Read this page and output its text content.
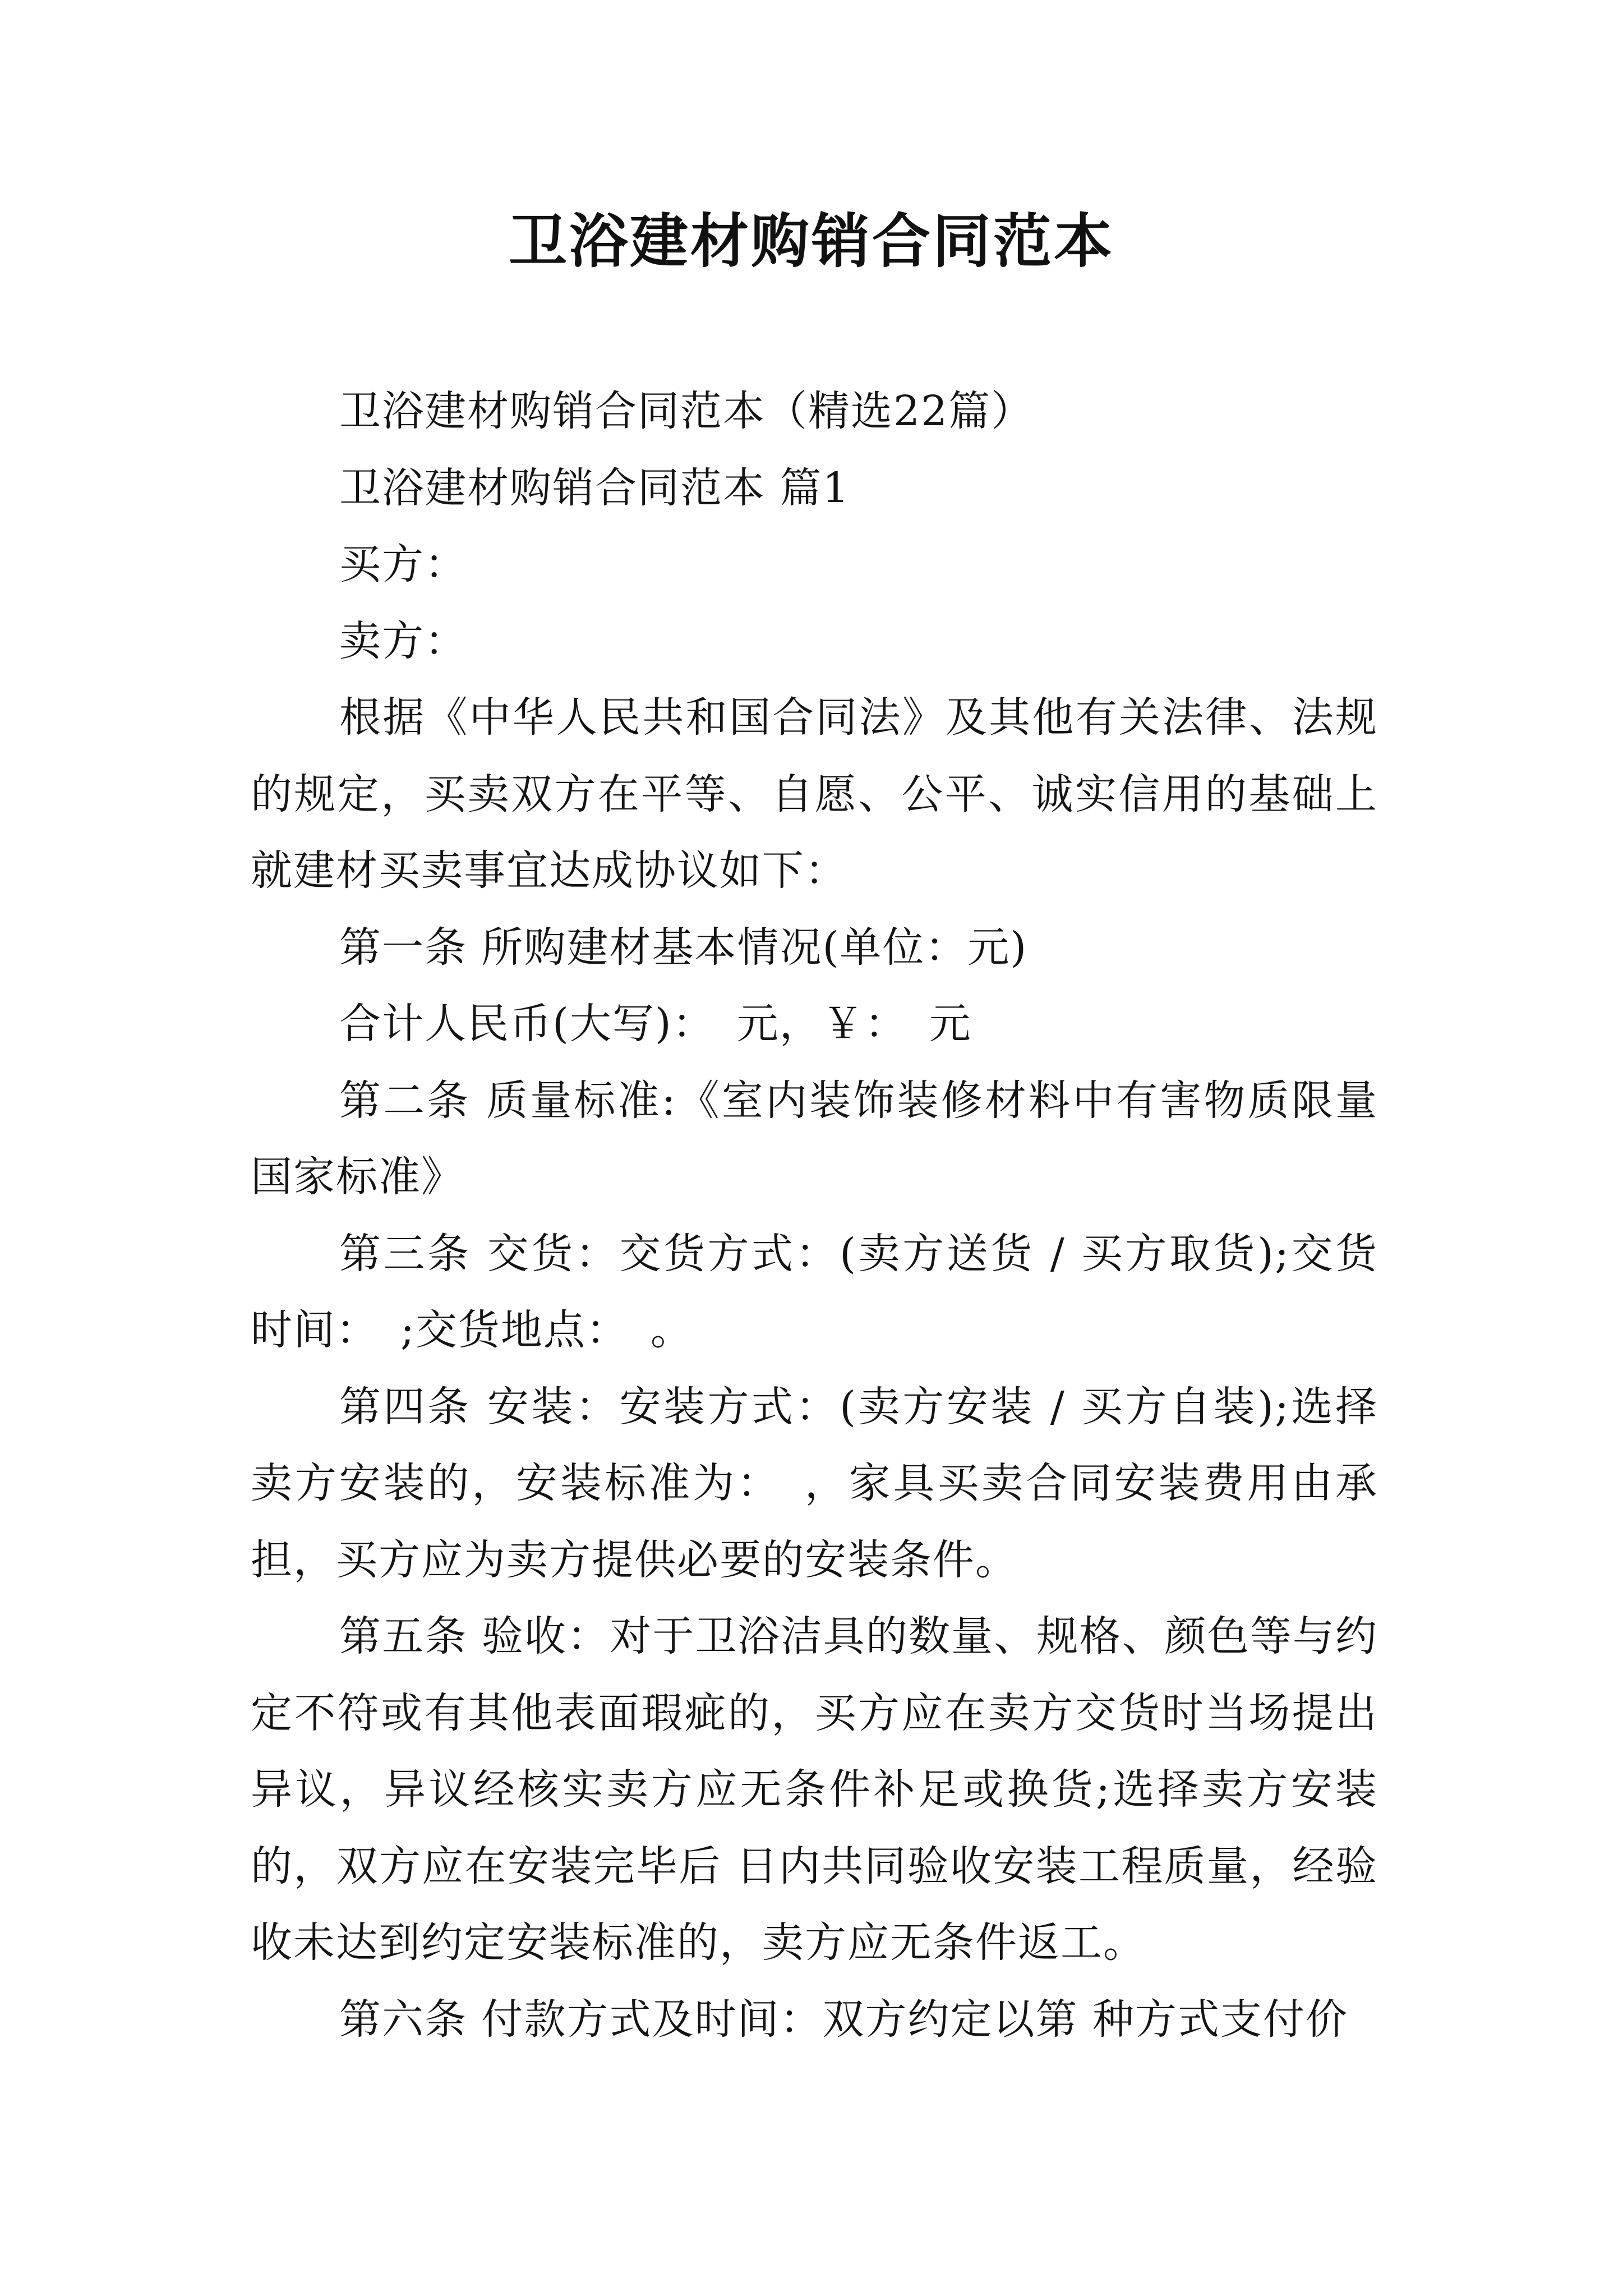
卫浴建材购销合同范本

卫浴建材购销合同范本（精选22篇）

卫浴建材购销合同范本 篇1

买方：

卖方：

根据《中华人民共和国合同法》及其他有关法律、法规的规定，买卖双方在平等、自愿、公平、诚实信用的基础上就建材买卖事宜达成协议如下：

第一条 所购建材基本情况(单位：元)

合计人民币(大写)：　元，￥：　元

第二条 质量标准:《室内装饰装修材料中有害物质限量国家标准》

第三条 交货：交货方式：(卖方送货 / 买方取货);交货时间：　;交货地点：　。

第四条 安装：安装方式：(卖方安装 / 买方自装);选择卖方安装的，安装标准为：　，家具买卖合同安装费用由承担，买方应为卖方提供必要的安装条件。

第五条 验收：对于卫浴洁具的数量、规格、颜色等与约定不符或有其他表面瑕疵的，买方应在卖方交货时当场提出异议，异议经核实卖方应无条件补足或换货;选择卖方安装的，双方应在安装完毕后 日内共同验收安装工程质量，经验收未达到约定安装标准的，卖方应无条件返工。

第六条 付款方式及时间：双方约定以第 种方式支付价
